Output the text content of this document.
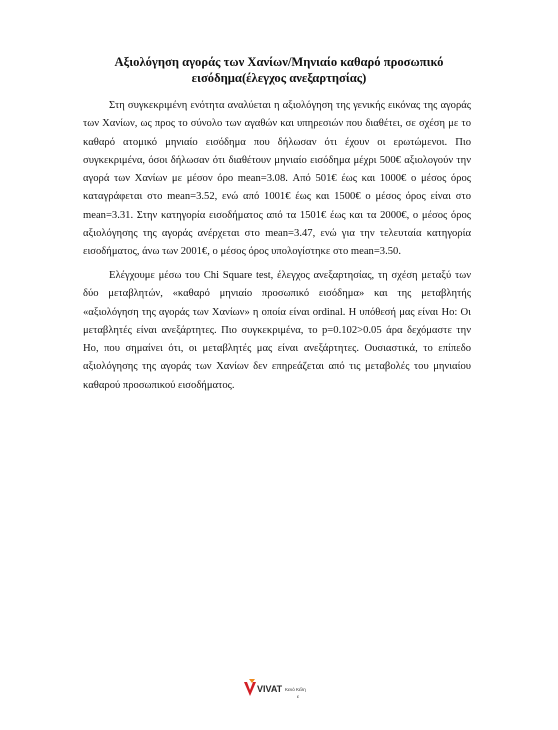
Αξιολόγηση αγοράς των Χανίων/Μηνιαίο καθαρό προσωπικό
εισόδημα(έλεγχος ανεξαρτησίας)

Στη συγκεκριμένη ενότητα αναλύεται η αξιολόγηση της γενικής εικόνας της αγοράς των Χανίων, ως προς το σύνολο των αγαθών και υπηρεσιών που διαθέτει, σε σχέση με το καθαρό ατομικό μηνιαίο εισόδημα που δήλωσαν ότι έχουν οι ερωτώμενοι. Πιο συγκεκριμένα, όσοι δήλωσαν ότι διαθέτουν μηνιαίο εισόδημα μέχρι 500€ αξιολογούν την αγορά των Χανίων με μέσον όρο mean=3.08. Από 501€ έως και 1000€ ο μέσος όρος καταγράφεται στο mean=3.52, ενώ από 1001€ έως και 1500€ ο μέσος όρος είναι στο mean=3.31. Στην κατηγορία εισοδήματος από τα 1501€ έως και τα 2000€, ο μέσος όρος αξιολόγησης της αγοράς ανέρχεται στο mean=3.47, ενώ για την τελευταία κατηγορία εισοδήματος, άνω των 2001€, ο μέσος όρος υπολογίστηκε στο mean=3.50.

Ελέγχουμε μέσω του Chi Square test, έλεγχος ανεξαρτησίας, τη σχέση μεταξύ των δύο μεταβλητών, «καθαρό μηνιαίο προσωπικό εισόδημα» και της μεταβλητής «αξιολόγηση της αγοράς των Χανίων» η οποία είναι ordinal. Η υπόθεσή μας είναι Ho: Οι μεταβλητές είναι ανεξάρτητες. Πιο συγκεκριμένα, το p=0.102>0.05 άρα δεχόμαστε την Ho, που σημαίνει ότι, οι μεταβλητές μας είναι ανεξάρτητες. Ουσιαστικά, το επίπεδο αξιολόγησης της αγοράς των Χανίων δεν επηρεάζεται από τις μεταβολές του μηνιαίου καθαρού προσωπικού εισοδήματος.

VIVAT Κενό Κέλη
ε
